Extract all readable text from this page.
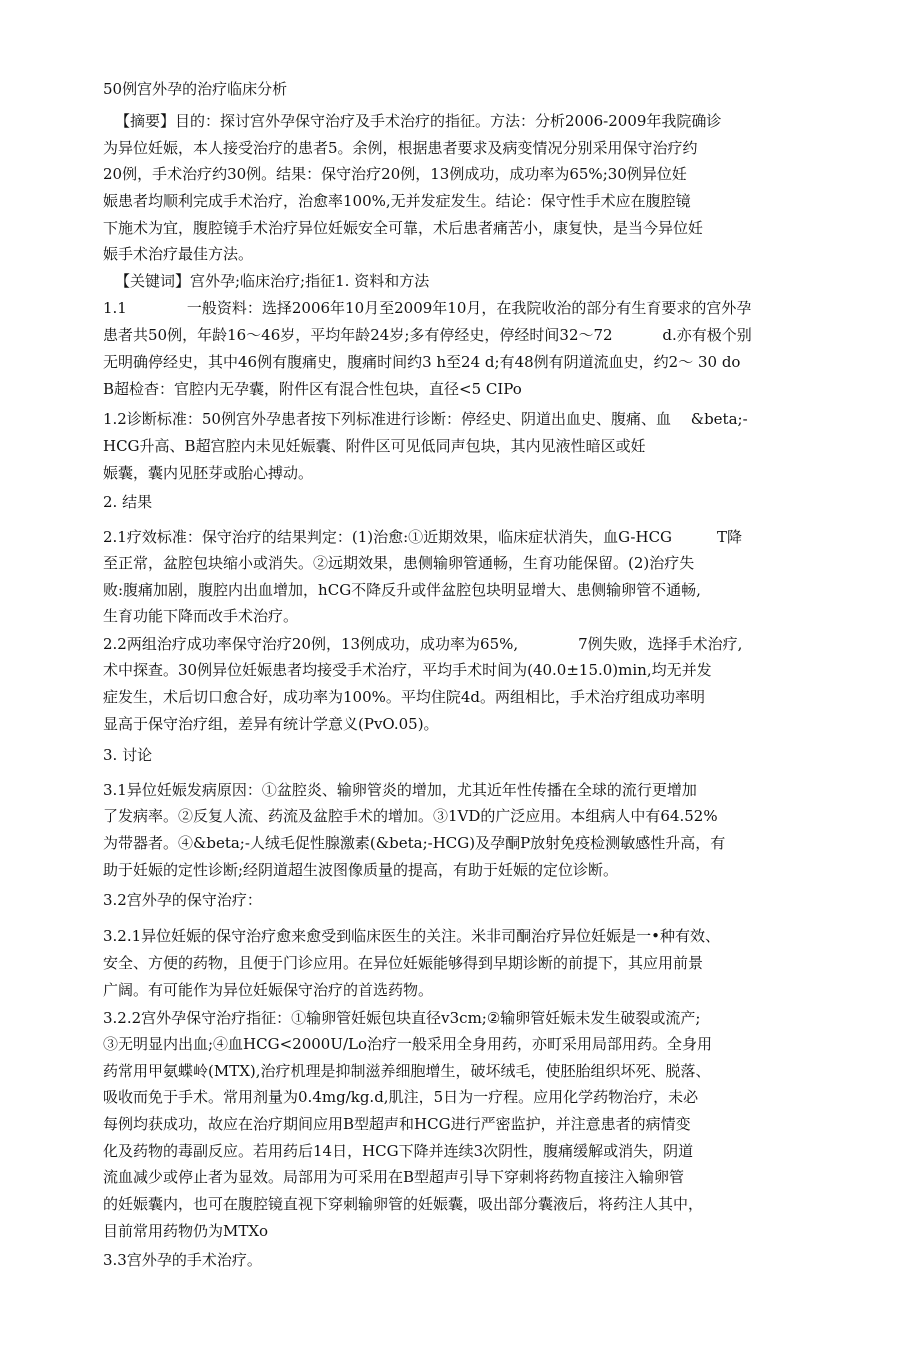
50例宫外孕的治疗临床分析

【摘要】目的：探讨宫外孕保守治疗及手术治疗的指征。方法：分析2006-2009年我院确诊

为异位妊娠，本人接受治疗的患者5。余例，根据患者要求及病变情况分别采用保守治疗约

20例，手术治疗约30例。结果：保守治疗20例，13例成功，成功率为65%;30例异位妊

娠患者均顺利完成手术治疗，治愈率100%,无并发症发生。结论：保守性手术应在腹腔镜

下施术为宜，腹腔镜手术治疗异位妊娠安全可靠，术后患者痛苦小，康复快，是当今异位妊

娠手术治疗最佳方法。

【关键词】宫外孕;临床治疗;指征1. 资料和方法

1.1　　　　一般资料：选择2006年10月至2009年10月，在我院收治的部分有生育要求的宫外孕

患者共50例，年龄16〜46岁，平均年龄24岁;多有停经史，停经时间32〜72　　　 d.亦有极个别

无明确停经史，其中46例有腹痛史，腹痛时间约3 h至24 d;有48例有阴道流血史，约2〜 30 do

B超检杳：官腔内无孕囊，附件区有混合性包块，直径<5 CIPo

1.2诊断标准：50例宫外孕患者按下列标准进行诊断：停经史、阴道出血史、腹痛、血　 &beta;-

HCG升高、B超宫腔内未见妊娠囊、附件区可见低同声包块，其内见液性暗区或妊

娠囊，囊内见胚芽或胎心搏动。

2. 结果

2.1疗效标准：保守治疗的结果判定：(1)治愈:①近期效果，临床症状消失，血G-HCG　　　T降

至正常，盆腔包块缩小或消失。②远期效果，患侧输卵管通畅，生育功能保留。(2)治疗失

败:腹痛加剧，腹腔内出血增加，hCG不降反升或伴盆腔包块明显增大、患侧输卵管不通畅,

生育功能下降而改手术治疗。

2.2两组治疗成功率保守治疗20例，13例成功，成功率为65%,　　　　7例失败，选择手术治疗,

术中探查。30例异位妊娠患者均接受手术治疗，平均手术时间为(40.0±15.0)min,均无并发

症发生，术后切口愈合好，成功率为100%。平均住院4d。两组相比，手术治疗组成功率明

显高于保守治疗组，差异有统计学意义(PvO.05)。

3. 讨论

3.1异位妊娠发病原因：①盆腔炎、输卵管炎的增加，尤其近年性传播在全球的流行更增加

了发病率。②反复人流、药流及盆腔手术的增加。③1VD的广泛应用。本组病人中有64.52%

为带器者。④&beta;-人绒毛促性腺激素(&beta;-HCG)及孕酮P放射免疫检测敏感性升高，有

助于妊娠的定性诊断;经阴道超生波图像质量的提高，有助于妊娠的定位诊断。

3.2宫外孕的保守治疗：

3.2.1异位妊娠的保守治疗愈来愈受到临床医生的关注。米非司酮治疗异位妊娠是一•种有效、

安全、方便的药物，且便于门诊应用。在异位妊娠能够得到早期诊断的前提下，其应用前景

广阔。有可能作为异位妊娠保守治疗的首选药物。

3.2.2宫外孕保守治疗指征：①输卵管妊娠包块直径v3cm;②输卵管妊娠未发生破裂或流产;

③无明显内出血;④血HCG<2000U/Lo治疗一般采用全身用药，亦町采用局部用药。全身用

药常用甲氨蝶岭(MTX),治疗机理是抑制滋养细胞增生，破坏绒毛，使胚胎组织坏死、脱落、

吸收而免于手术。常用剂量为0.4mg/kg.d,肌注，5日为一疗程。应用化学药物治疗，未必

每例均获成功，故应在治疗期间应用B型超声和HCG进行严密监护，并注意患者的病情变

化及药物的毒副反应。若用药后14日，HCG下降并连续3次阴性，腹痛缓解或消失，阴道

流血减少或停止者为显效。局部用为可采用在B型超声引导下穿刺将药物直接注入输卵管

的妊娠囊内，也可在腹腔镜直视下穿刺输卵管的妊娠囊，吸出部分囊液后，将药注人其中，

目前常用药物仍为MTXo

3.3宫外孕的手术治疗。
